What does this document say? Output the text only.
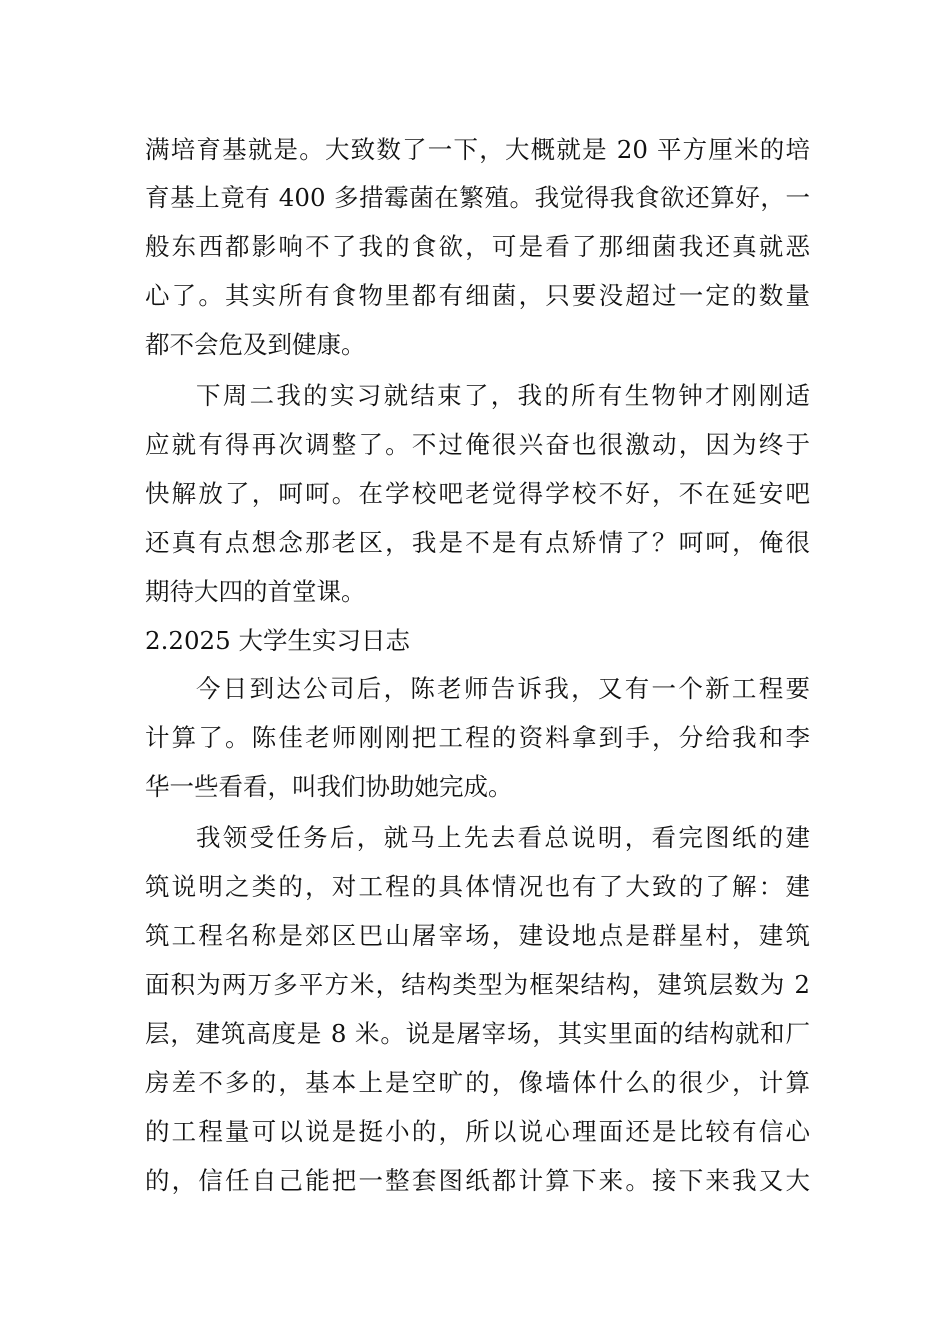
满培育基就是。大致数了一下，大概就是 20 平方厘米的培
育基上竟有 400 多措霉菌在繁殖。我觉得我食欲还算好，一
般东西都影响不了我的食欲，可是看了那细菌我还真就恶
心了。其实所有食物里都有细菌，只要没超过一定的数量
都不会危及到健康。
下周二我的实习就结束了，我的所有生物钟才刚刚适
应就有得再次调整了。不过俺很兴奋也很激动，因为终于
快解放了，呵呵。在学校吧老觉得学校不好，不在延安吧
还真有点想念那老区，我是不是有点矫情了？呵呵，俺很
期待大四的首堂课。
2.2025 大学生实习日志
今日到达公司后，陈老师告诉我，又有一个新工程要
计算了。陈佳老师刚刚把工程的资料拿到手，分给我和李
华一些看看，叫我们协助她完成。
我领受任务后，就马上先去看总说明，看完图纸的建
筑说明之类的，对工程的具体情况也有了大致的了解：建
筑工程名称是郊区巴山屠宰场，建设地点是群星村，建筑
面积为两万多平方米，结构类型为框架结构，建筑层数为 2
层，建筑高度是 8 米。说是屠宰场，其实里面的结构就和厂
房差不多的，基本上是空旷的，像墙体什么的很少，计算
的工程量可以说是挺小的，所以说心理面还是比较有信心
的，信任自己能把一整套图纸都计算下来。接下来我又大
